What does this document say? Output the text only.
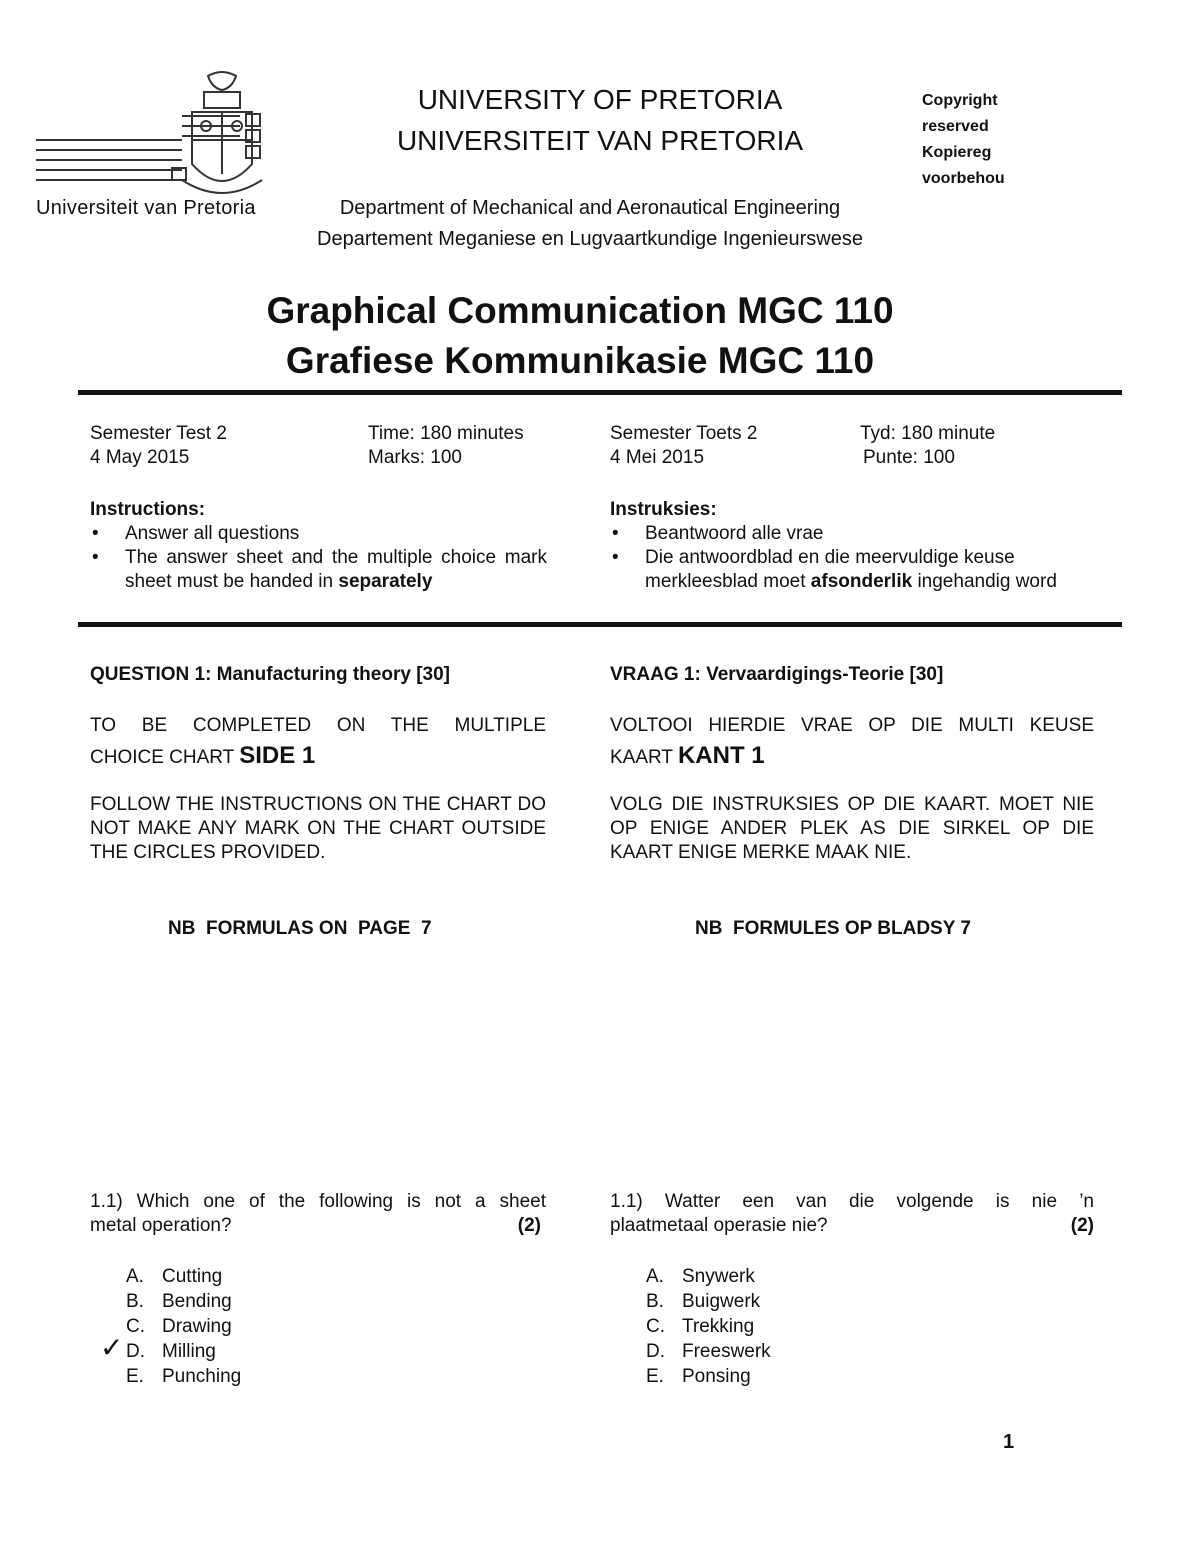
Universiteit van Pretoria
UNIVERSITY OF PRETORIA
UNIVERSITEIT VAN PRETORIA
Copyright
reserved
Kopiereg
voorbehou
Department of Mechanical and Aeronautical Engineering
Departement Meganiese en Lugvaartkundige Ingenieurswese
Graphical Communication MGC 110
Grafiese Kommunikasie MGC 110
Semester Test 2
4 May 2015
Time: 180 minutes
Marks: 100
Semester Toets 2
4 Mei 2015
Tyd: 180 minute
Punte: 100
Instructions:
• Answer all questions
• The answer sheet and the multiple choice mark sheet must be handed in separately
Instruksies:
• Beantwoord alle vrae
• Die antwoordblad en die meervuldige keuse merkleesblad moet afsonderlik ingehandig word
QUESTION 1: Manufacturing theory [30]	VRAAG 1: Vervaardigings-Teorie [30]
TO BE COMPLETED ON THE MULTIPLE
CHOICE CHART SIDE 1
VOLTOOI HIERDIE VRAE OP DIE MULTI KEUSE
KAART KANT 1
FOLLOW THE INSTRUCTIONS ON THE CHART DO NOT MAKE ANY MARK ON THE CHART OUTSIDE THE CIRCLES PROVIDED.
VOLG DIE INSTRUKSIES OP DIE KAART. MOET NIE OP ENIGE ANDER PLEK AS DIE SIRKEL OP DIE KAART ENIGE MERKE MAAK NIE.
NB  FORMULAS ON  PAGE  7	NB  FORMULES OP BLADSY 7
1.1) Which one of the following is not a sheet
metal operation?	(2)
1.1) Watter een van die volgende is nie ’n
plaatmetaal operasie nie?	(2)
A. Cutting
B. Bending
C. Drawing
✓ D. Milling
E. Punching
A. Snywerk
B. Buigwerk
C. Trekking
D. Freeswerk
E. Ponsing
1
